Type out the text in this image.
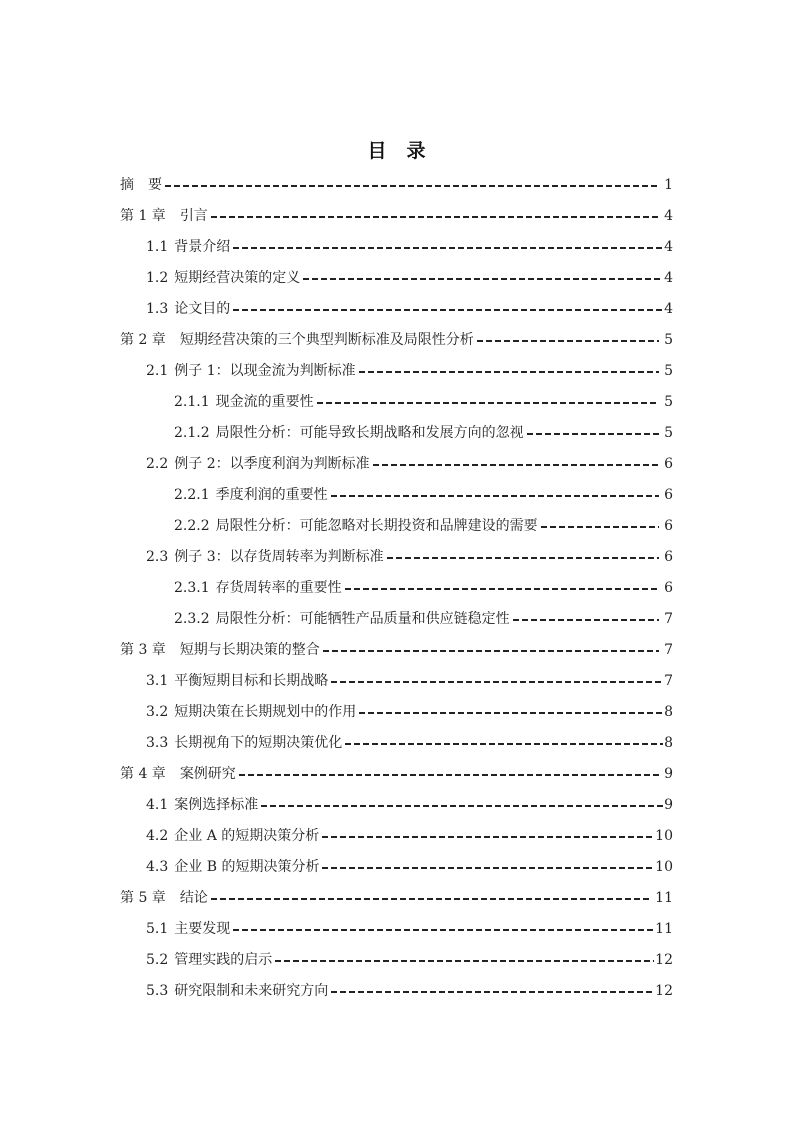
目录
摘 要	1
第 1 章 引言	4
1.1 背景介绍	4
1.2 短期经营决策的定义	4
1.3 论文目的	4
第 2 章 短期经营决策的三个典型判断标准及局限性分析	5
2.1 例子 1：以现金流为判断标准	5
2.1.1 现金流的重要性	5
2.1.2 局限性分析：可能导致长期战略和发展方向的忽视	5
2.2 例子 2：以季度利润为判断标准	6
2.2.1 季度利润的重要性	6
2.2.2 局限性分析：可能忽略对长期投资和品牌建设的需要	6
2.3 例子 3：以存货周转率为判断标准	6
2.3.1 存货周转率的重要性	6
2.3.2 局限性分析：可能牺牲产品质量和供应链稳定性	7
第 3 章 短期与长期决策的整合	7
3.1 平衡短期目标和长期战略	7
3.2 短期决策在长期规划中的作用	8
3.3 长期视角下的短期决策优化	8
第 4 章 案例研究	9
4.1 案例选择标准	9
4.2 企业 A 的短期决策分析	10
4.3 企业 B 的短期决策分析	10
第 5 章 结论	11
5.1 主要发现	11
5.2 管理实践的启示	12
5.3 研究限制和未来研究方向	12
